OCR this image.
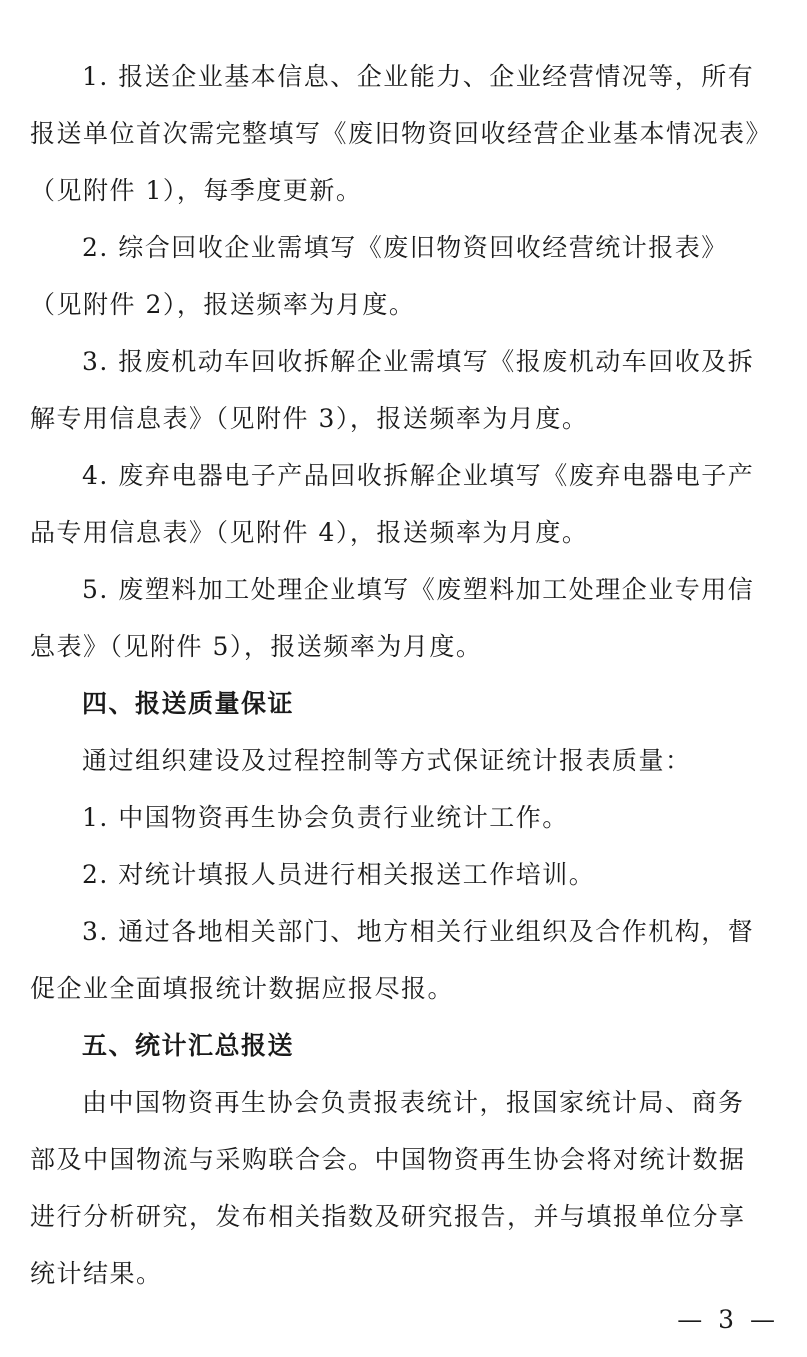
1. 报送企业基本信息、企业能力、企业经营情况等，所有
报送单位首次需完整填写《废旧物资回收经营企业基本情况表》
（见附件 1），每季度更新。
2. 综合回收企业需填写《废旧物资回收经营统计报表》
（见附件 2），报送频率为月度。
3. 报废机动车回收拆解企业需填写《报废机动车回收及拆
解专用信息表》（见附件 3），报送频率为月度。
4. 废弃电器电子产品回收拆解企业填写《废弃电器电子产
品专用信息表》（见附件 4），报送频率为月度。
5. 废塑料加工处理企业填写《废塑料加工处理企业专用信
息表》（见附件 5），报送频率为月度。
四、报送质量保证
通过组织建设及过程控制等方式保证统计报表质量：
1. 中国物资再生协会负责行业统计工作。
2. 对统计填报人员进行相关报送工作培训。
3. 通过各地相关部门、地方相关行业组织及合作机构，督
促企业全面填报统计数据应报尽报。
五、统计汇总报送
由中国物资再生协会负责报表统计，报国家统计局、商务
部及中国物流与采购联合会。中国物资再生协会将对统计数据
进行分析研究，发布相关指数及研究报告，并与填报单位分享
统计结果。
— 3 —
